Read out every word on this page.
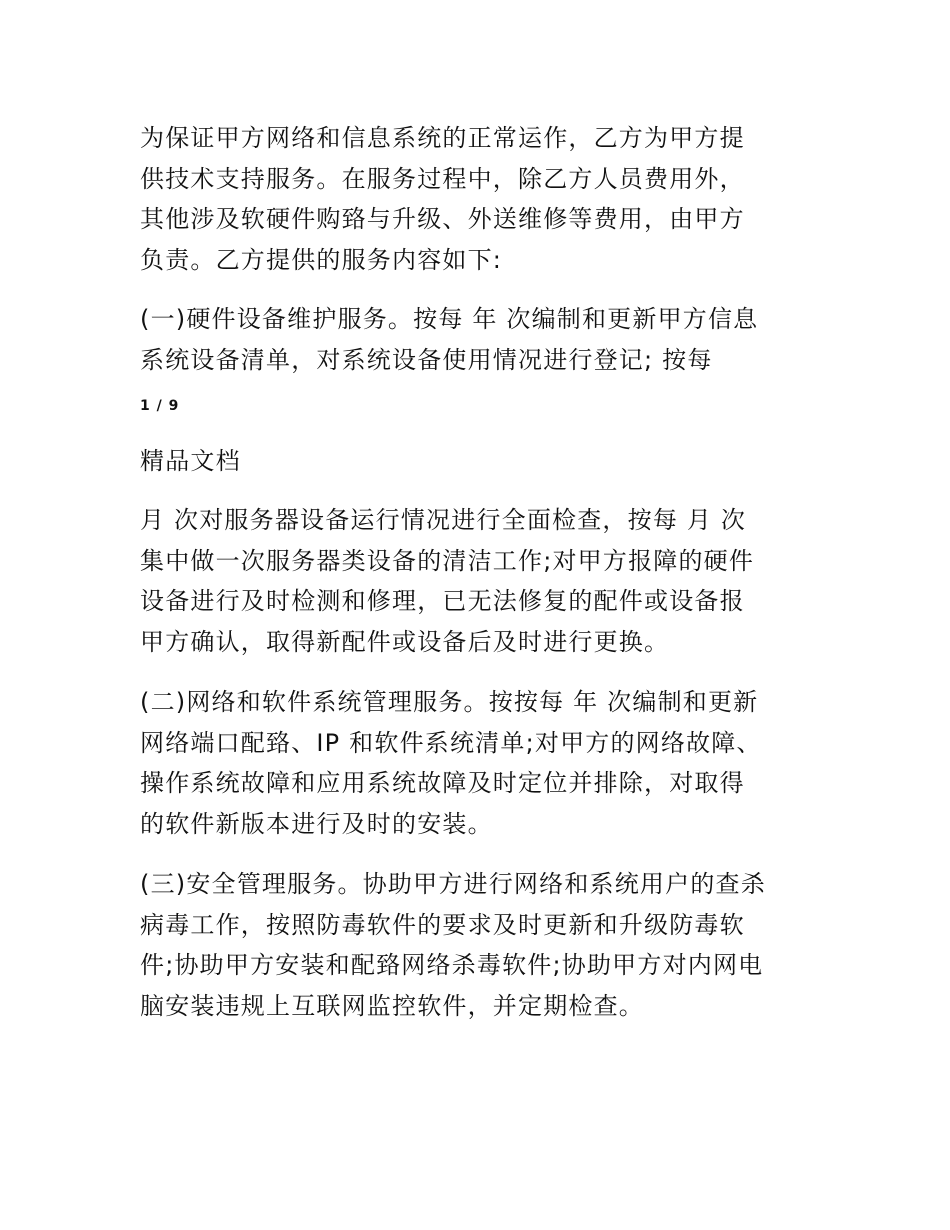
为保证甲方网络和信息系统的正常运作，乙方为甲方提
供技术支持服务。在服务过程中，除乙方人员费用外，
其他涉及软硬件购臵与升级、外送维修等费用，由甲方
负责。乙方提供的服务内容如下:
(一)硬件设备维护服务。按每 年 次编制和更新甲方信息
系统设备清单，对系统设备使用情况进行登记; 按每
1 / 9
精品文档
月 次对服务器设备运行情况进行全面检查，按每 月 次
集中做一次服务器类设备的清洁工作;对甲方报障的硬件
设备进行及时检测和修理，已无法修复的配件或设备报
甲方确认，取得新配件或设备后及时进行更换。
(二)网络和软件系统管理服务。按按每 年 次编制和更新
网络端口配臵、IP 和软件系统清单;对甲方的网络故障、
操作系统故障和应用系统故障及时定位并排除，对取得
的软件新版本进行及时的安装。
(三)安全管理服务。协助甲方进行网络和系统用户的查杀
病毒工作，按照防毒软件的要求及时更新和升级防毒软
件;协助甲方安装和配臵网络杀毒软件;协助甲方对内网电
脑安装违规上互联网监控软件，并定期检查。
